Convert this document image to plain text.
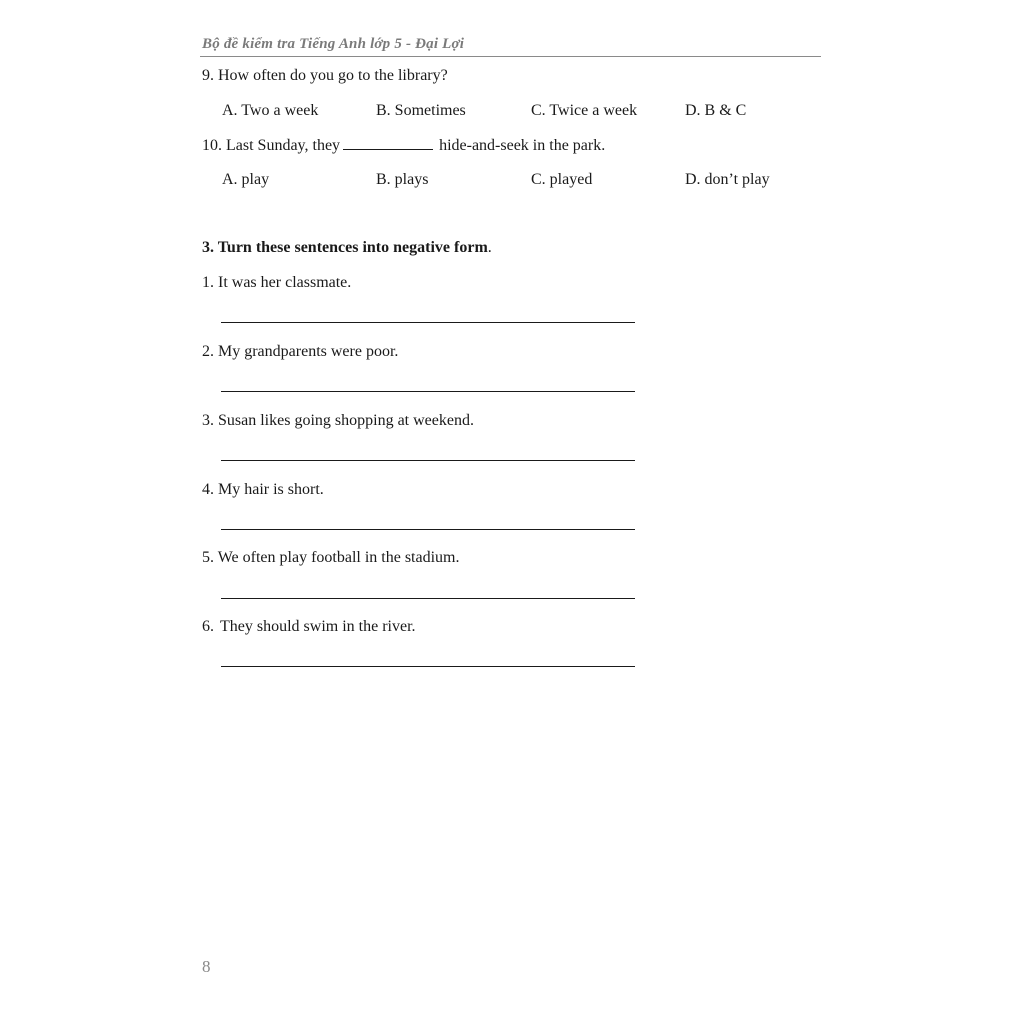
Bộ đề kiểm tra Tiếng Anh lớp 5 - Đại Lợi
9. How often do you go to the library?
A. Two a week	B. Sometimes	C. Twice a week	D. B & C
10. Last Sunday, they	hide-and-seek in the park.
A. play	B. plays	C. played	D. don’t play
3. Turn these sentences into negative form.
1. It was her classmate.
2. My grandparents were poor.
3. Susan likes going shopping at weekend.
4. My hair is short.
5. We often play football in the stadium.
6. They should swim in the river.
8
